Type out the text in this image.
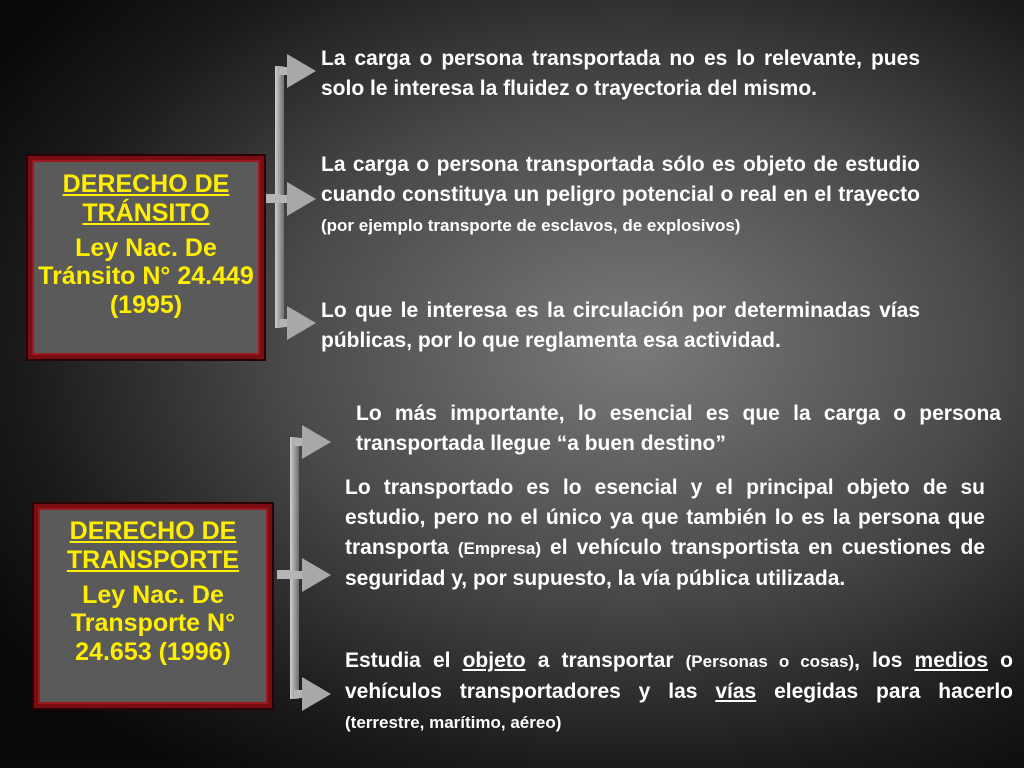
DERECHO DE TRÁNSITO
Ley Nac. De Tránsito N° 24.449 (1995)
DERECHO DE TRANSPORTE
Ley Nac. De Transporte N° 24.653 (1996)
La carga o persona transportada no es lo relevante, pues solo le interesa la fluidez o trayectoria del mismo.
La carga o persona transportada sólo es objeto de estudio cuando constituya un peligro potencial o real en el trayecto (por ejemplo transporte de esclavos, de explosivos)
Lo que le interesa es la circulación por determinadas vías públicas, por lo que reglamenta esa actividad.
Lo más importante, lo esencial es que la carga o persona transportada llegue “a buen destino”
Lo transportado es lo esencial y el principal objeto de su estudio, pero no el único ya que también lo es la persona que transporta (Empresa) el vehículo transportista en cuestiones de seguridad y, por supuesto, la vía pública utilizada.
Estudia el objeto a transportar (Personas o cosas), los medios o vehículos transportadores y las vías elegidas para hacerlo (terrestre, marítimo, aéreo)
